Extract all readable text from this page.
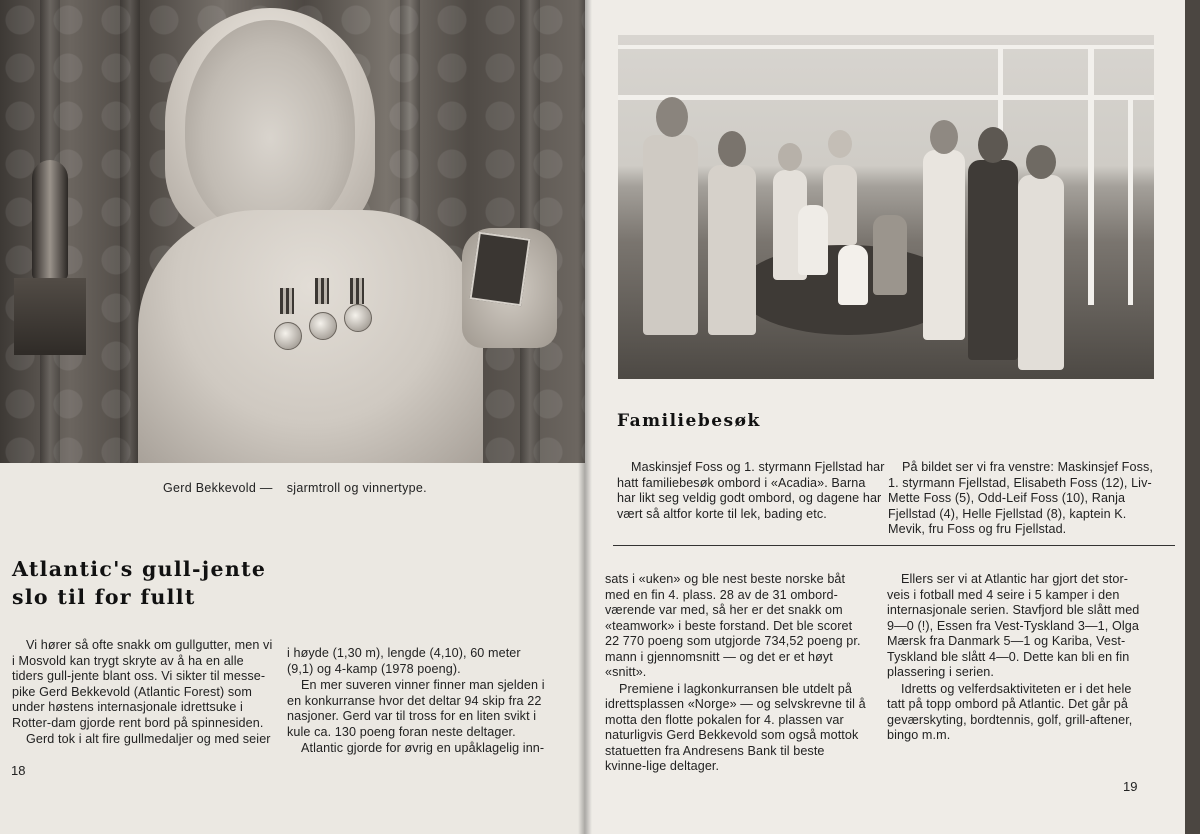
Gerd Bekkevold — sjarmtroll og vinnertype.
Atlantic's gull-jente
slo til for fullt

Vi hører så ofte snakk om gullgutter, men vi i Mosvold kan trygt skryte av å ha en alle tiders gull-jente blant oss. Vi sikter til messe-pike Gerd Bekkevold (Atlantic Forest) som under høstens internasjonale idrettsuke i Rotter-dam gjorde rent bord på spinnesiden.

Gerd tok i alt fire gullmedaljer og med seier

i høyde (1,30 m), lengde (4,10), 60 meter (9,1) og 4-kamp (1978 poeng).

En mer suveren vinner finner man sjelden i en konkurranse hvor det deltar 94 skip fra 22 nasjoner. Gerd var til tross for en liten svikt i kule ca. 130 poeng foran neste deltager.

Atlantic gjorde for øvrig en upåklagelig inn-

18
Familiebesøk

Maskinsjef Foss og 1. styrmann Fjellstad har hatt familiebesøk ombord i «Acadia». Barna har likt seg veldig godt ombord, og dagene har vært så altfor korte til lek, bading etc.

På bildet ser vi fra venstre: Maskinsjef Foss, 1. styrmann Fjellstad, Elisabeth Foss (12), Liv-Mette Foss (5), Odd-Leif Foss (10), Ranja Fjellstad (4), Helle Fjellstad (8), kaptein K. Mevik, fru Foss og fru Fjellstad.

sats i «uken» og ble nest beste norske båt med en fin 4. plass. 28 av de 31 ombord-værende var med, så her er det snakk om «teamwork» i beste forstand. Det ble scoret 22 770 poeng som utgjorde 734,52 poeng pr. mann i gjennomsnitt — og det er et høyt «snitt».

Premiene i lagkonkurransen ble utdelt på idrettsplassen «Norge» — og selvskrevne til å motta den flotte pokalen for 4. plassen var naturligvis Gerd Bekkevold som også mottok statuetten fra Andresens Bank til beste kvinne-lige deltager.

Ellers ser vi at Atlantic har gjort det stor-veis i fotball med 4 seire i 5 kamper i den internasjonale serien. Stavfjord ble slått med 9—0 (!), Essen fra Vest-Tyskland 3—1, Olga Mærsk fra Danmark 5—1 og Kariba, Vest-Tyskland ble slått 4—0. Dette kan bli en fin plassering i serien.

Idretts og velferdsaktiviteten er i det hele tatt på topp ombord på Atlantic. Det går på geværskyting, bordtennis, golf, grill-aftener, bingo m.m.

19
